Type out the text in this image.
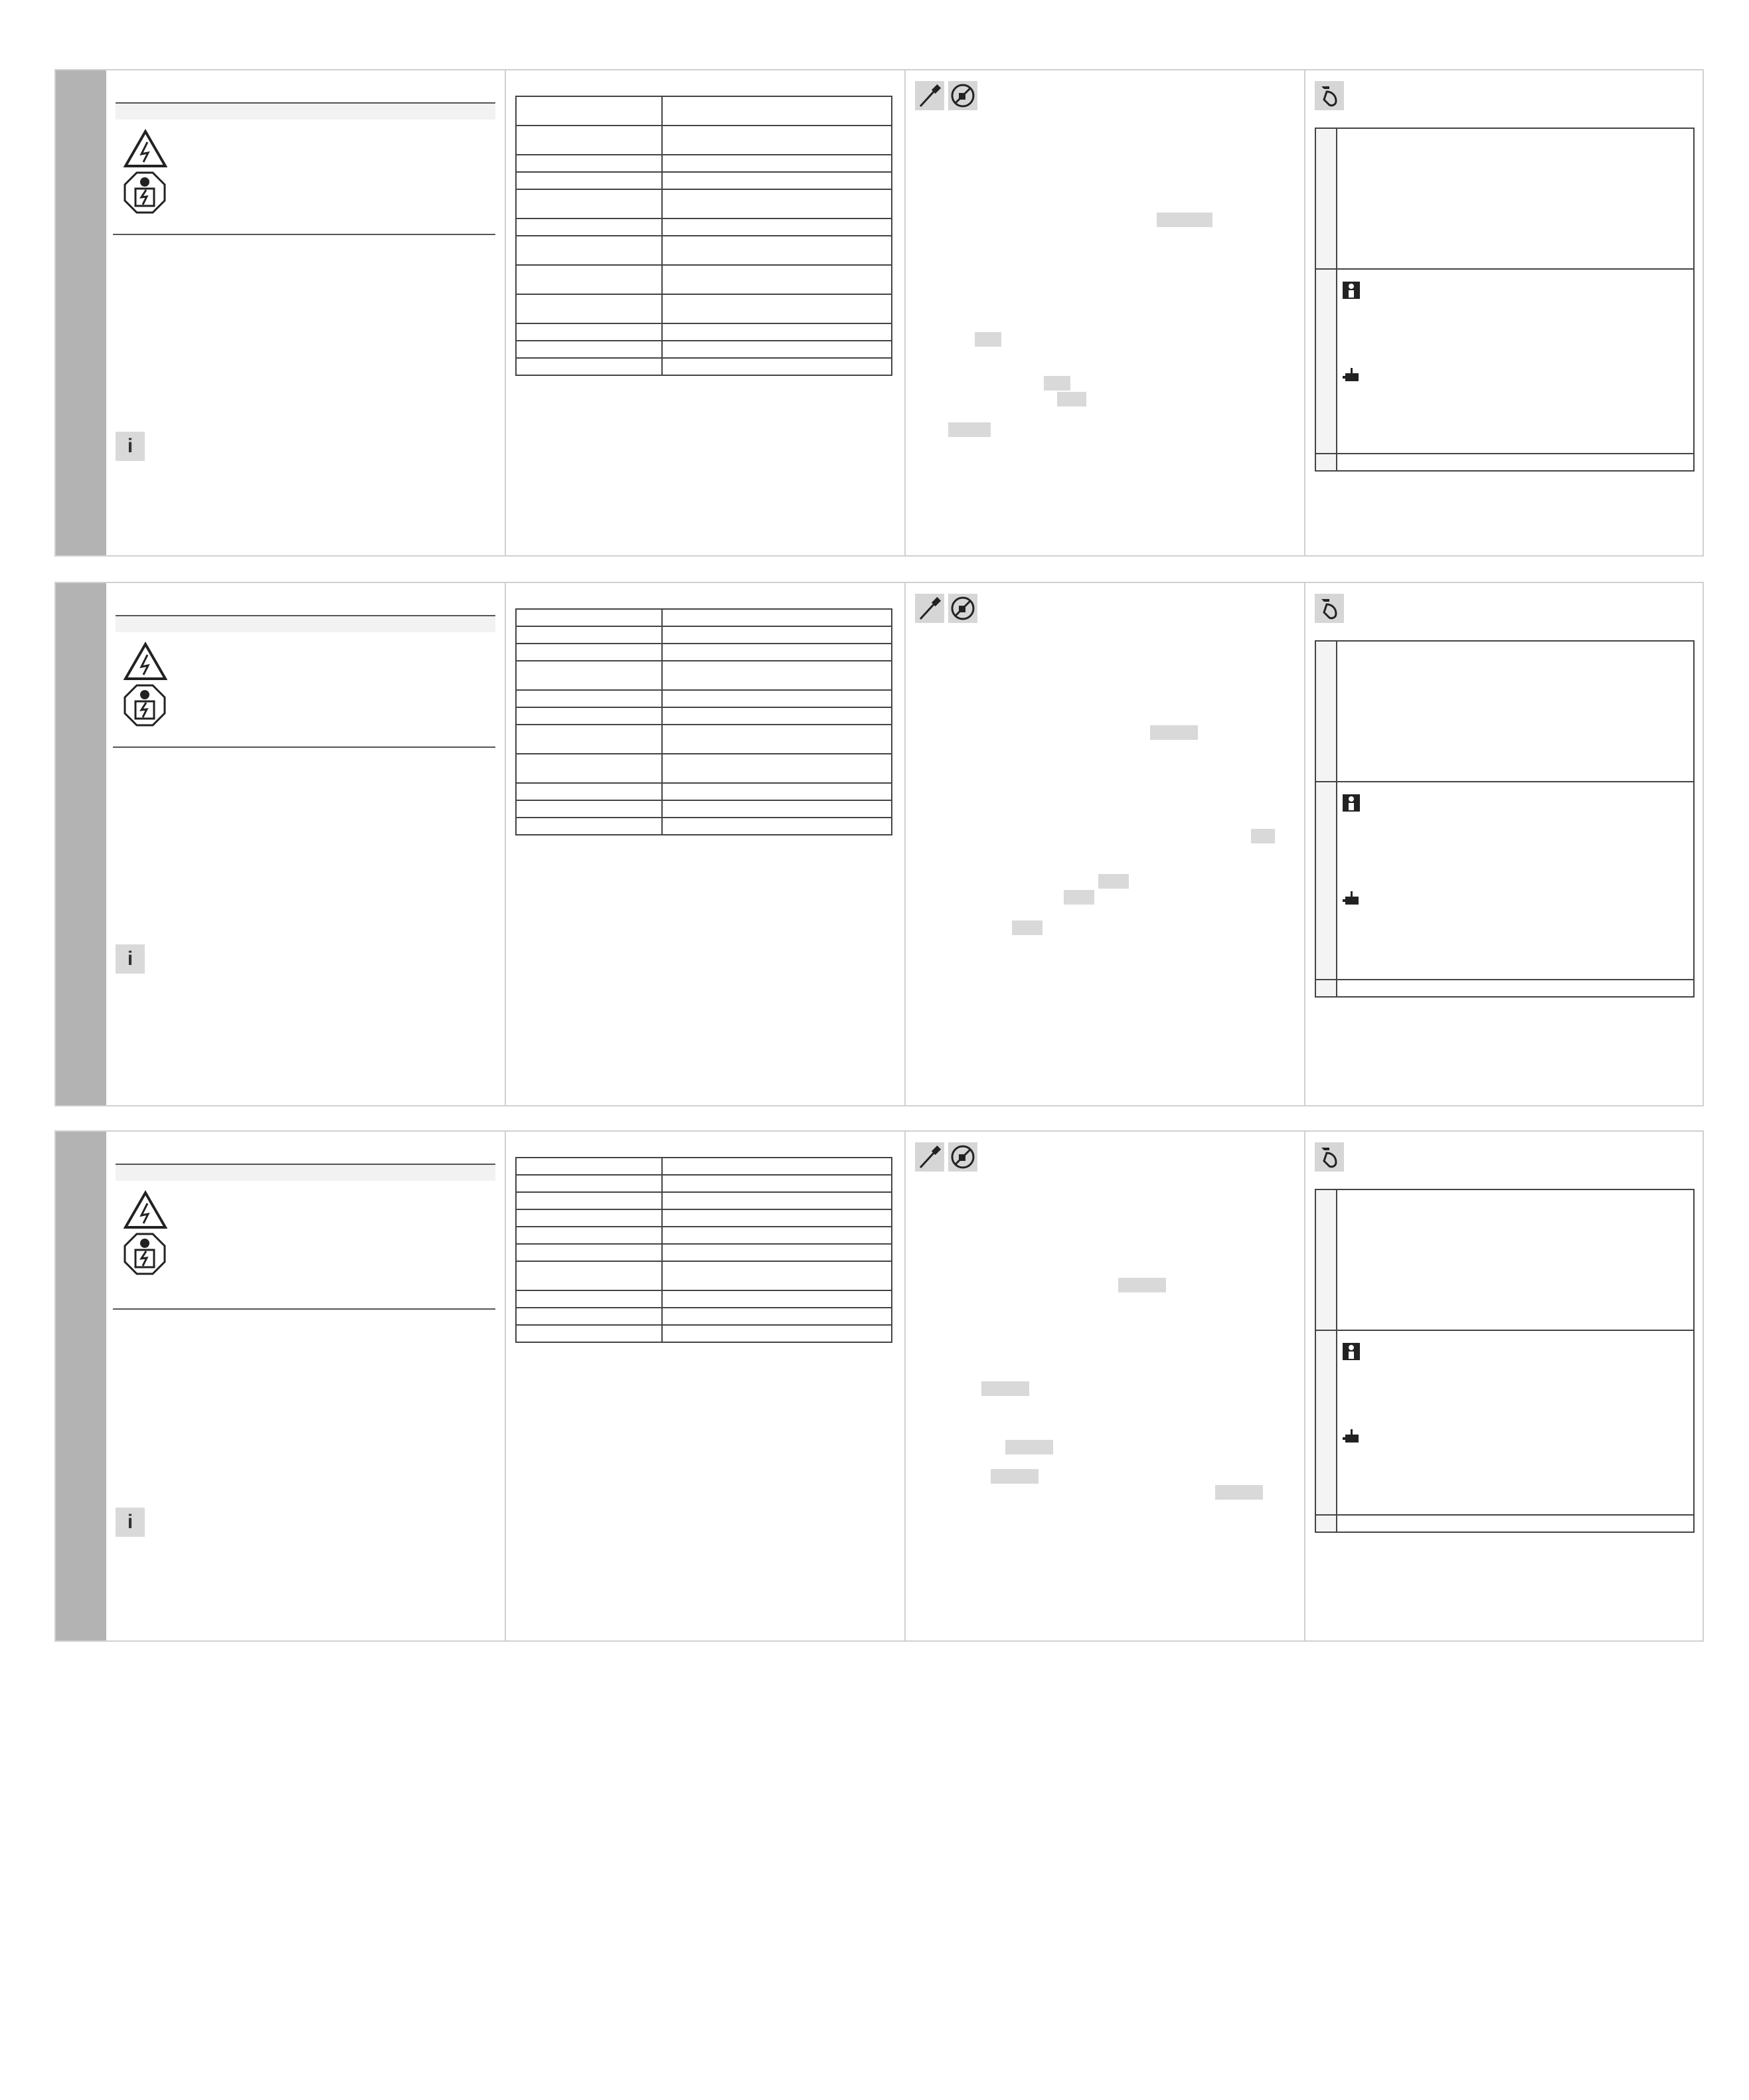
i

i

i
